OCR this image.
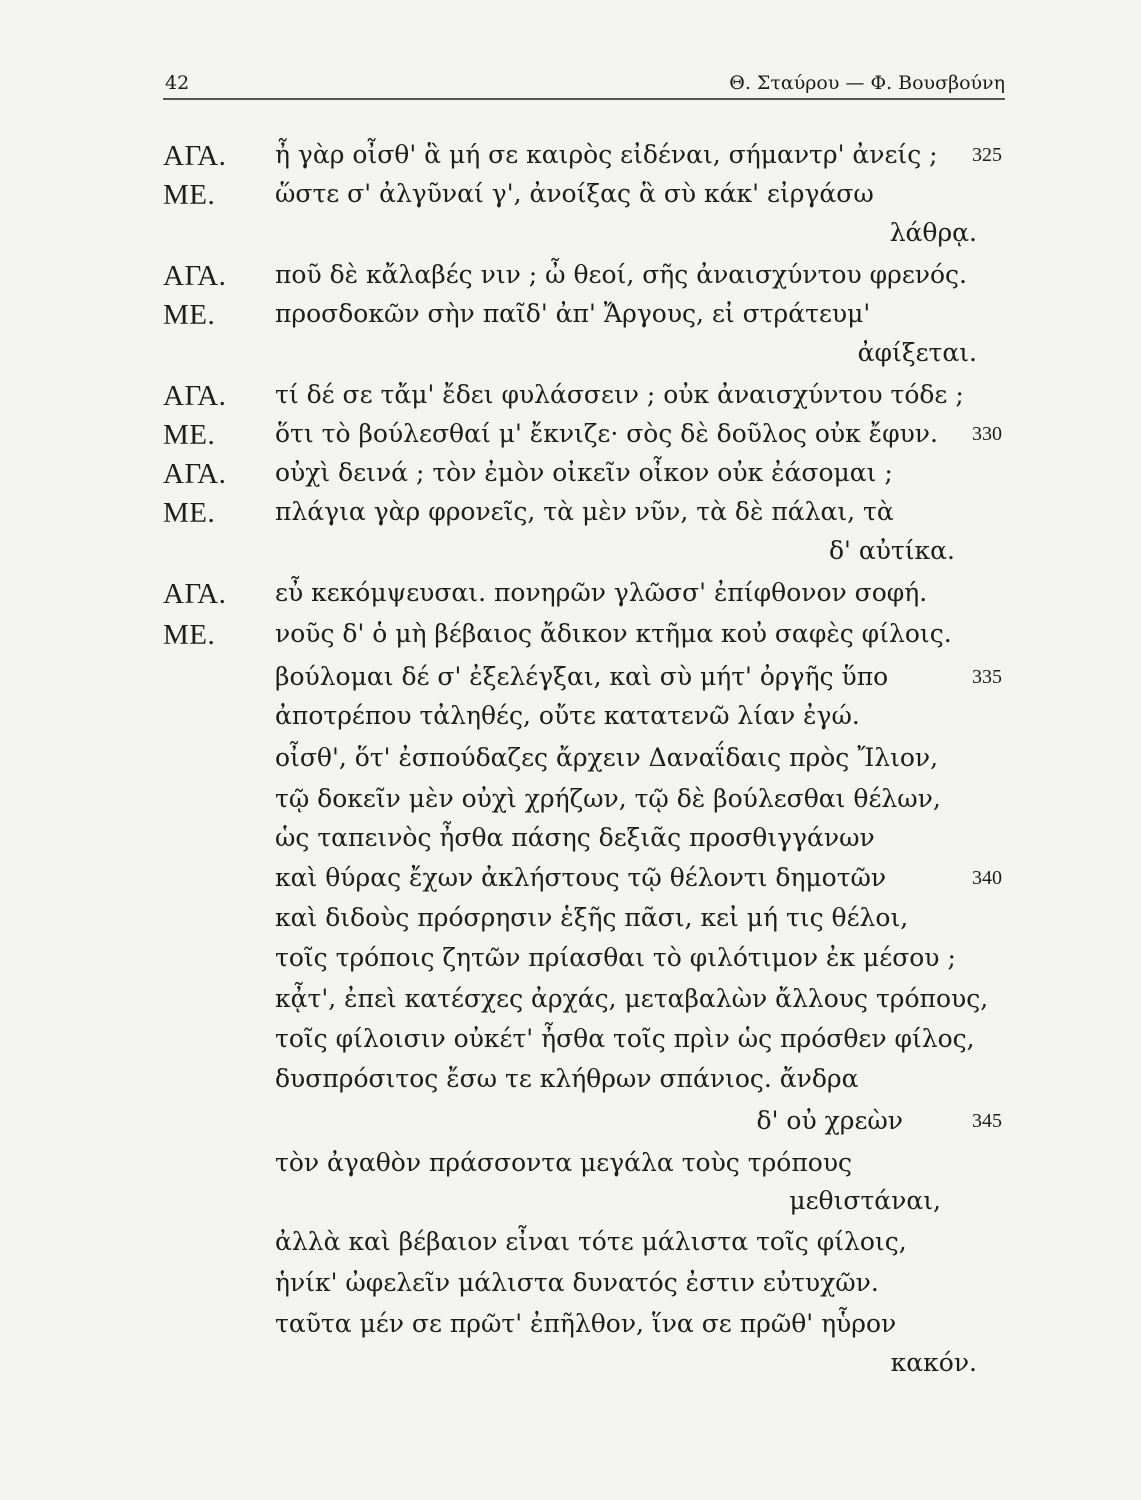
42	Θ. Σταύρου — Φ. Βουσβούνη
ΑΓΑ. ἦ γὰρ οἶσθ' ἃ μή σε καιρὸς εἰδέναι, σήμαντρ' ἀνείς ; 325
ΜΕ. ὥστε σ' ἀλγῦναί γ', ἀνοίξας ἃ σὺ κάκ' εἰργάσω
λάθρᾳ.
ΑΓΑ. ποῦ δὲ κἄλαβές νιν ; ὦ θεοί, σῆς ἀναισχύντου φρενός.
ΜΕ. προσδοκῶν σὴν παῖδ' ἀπ' Ἄργους, εἰ στράτευμ'
ἀφίξεται.
ΑΓΑ. τί δέ σε τἄμ' ἔδει φυλάσσειν ; οὐκ ἀναισχύντου τόδε ;
ΜΕ. ὅτι τὸ βούλεσθαί μ' ἔκνιζε· σὸς δὲ δοῦλος οὐκ ἔφυν. 330
ΑΓΑ. οὐχὶ δεινά ; τὸν ἐμὸν οἰκεῖν οἶκον οὐκ ἐάσομαι ;
ΜΕ. πλάγια γὰρ φρονεῖς, τὰ μὲν νῦν, τὰ δὲ πάλαι, τὰ
δ' αὐτίκα.
ΑΓΑ. εὖ κεκόμψευσαι. πονηρῶν γλῶσσ' ἐπίφθονον σοφή.
ΜΕ. νοῦς δ' ὁ μὴ βέβαιος ἄδικον κτῆμα κοὐ σαφὲς φίλοις.
βούλομαι δέ σ' ἐξελέγξαι, καὶ σὺ μήτ' ὀργῆς ὕπο	335
ἀποτρέπου τἀληθές, οὔτε κατατενῶ λίαν ἐγώ.
οἶσθ', ὅτ' ἐσπούδαζες ἄρχειν Δαναΐδαις πρὸς Ἴλιον,
τῷ δοκεῖν μὲν οὐχὶ χρήζων, τῷ δὲ βούλεσθαι θέλων,
ὡς ταπεινὸς ἦσθα πάσης δεξιᾶς προσθιγγάνων
καὶ θύρας ἔχων ἀκλήστους τῷ θέλοντι δημοτῶν	340
καὶ διδοὺς πρόσρησιν ἑξῆς πᾶσι, κεἰ μή τις θέλοι,
τοῖς τρόποις ζητῶν πρίασθαι τὸ φιλότιμον ἐκ μέσου ;
κᾆτ', ἐπεὶ κατέσχες ἀρχάς, μεταβαλὼν ἄλλους τρόπους,
τοῖς φίλοισιν οὐκέτ' ἦσθα τοῖς πρὶν ὡς πρόσθεν φίλος,
δυσπρόσιτος ἔσω τε κλήθρων σπάνιος. ἄνδρα
δ' οὐ χρεὼν	345
τὸν ἀγαθὸν πράσσοντα μεγάλα τοὺς τρόπους
μεθιστάναι,
ἀλλὰ καὶ βέβαιον εἶναι τότε μάλιστα τοῖς φίλοις,
ἡνίκ' ὠφελεῖν μάλιστα δυνατός ἐστιν εὐτυχῶν.
ταῦτα μέν σε πρῶτ' ἐπῆλθον, ἵνα σε πρῶθ' ηὗρον
κακόν.
